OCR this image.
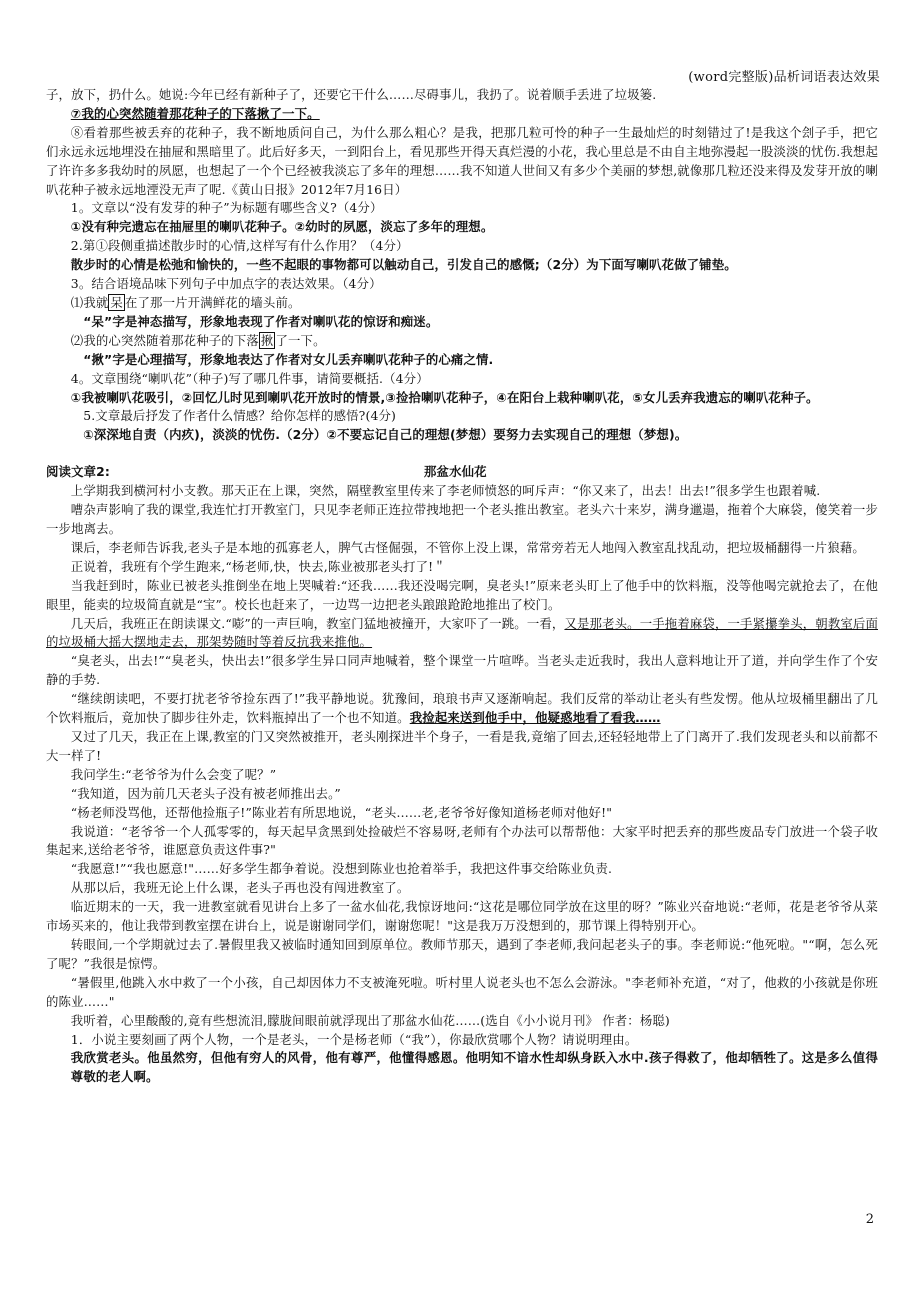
(word完整版)品析词语表达效果

子，放下，扔什么。她说:今年已经有新种子了，还要它干什么……尽碍事儿，我扔了。说着顺手丢进了垃圾篓.

⑦我的心突然随着那花种子的下落揪了一下。

⑧看着那些被丢弃的花种子，我不断地质问自己，为什么那么粗心？是我，把那几粒可怜的种子一生最灿烂的时刻错过了!是我这个刽子手，把它们永远永远地埋没在抽屉和黑暗里了。此后好多天，一到阳台上，看见那些开得天真烂漫的小花，我心里总是不由自主地弥漫起一股淡淡的忧伤.我想起了许许多多我幼时的夙愿，也想起了一个个已经被我淡忘了多年的理想……我不知道人世间又有多少个美丽的梦想,就像那几粒还没来得及发芽开放的喇叭花种子被永远地湮没无声了呢.《黄山日报》2012年7月16日）

1。文章以“没有发芽的种子”为标题有哪些含义?（4分）

①没有种完遗忘在抽屉里的喇叭花种子。②幼时的夙愿，淡忘了多年的理想。

2.第①段侧重描述散步时的心情,这样写有什么作用？（4分）

散步时的心情是松弛和愉快的，一些不起眼的事物都可以触动自己，引发自己的感慨;（2分）为下面写喇叭花做了铺垫。

3。结合语境品味下列句子中加点字的表达效果。（4分）

⑴我就 呆 在了那一片开满鲜花的墙头前。

“呆”字是神态描写，形象地表现了作者对喇叭花的惊讶和痴迷。

⑵我的心突然随着那花种子的下落 揪 了一下。

“揪”字是心理描写，形象地表达了作者对女儿丢弃喇叭花种子的心痛之情.

4。文章围绕“喇叭花”（种子)写了哪几件事，请简要概括.（4分）

①我被喇叭花吸引，②回忆儿时见到喇叭花开放时的情景,③捡拾喇叭花种子，④在阳台上栽种喇叭花，⑤女儿丢弃我遗忘的喇叭花种子。

5.文章最后抒发了作者什么情感？给你怎样的感悟?(4分)

①深深地自责（内疚)，淡淡的忧伤.（2分）②不要忘记自己的理想(梦想）要努力去实现自己的理想（梦想)。

阅读文章2:	那盆水仙花

上学期我到横河村小支教。那天正在上课，突然，隔壁教室里传来了李老师愤怒的呵斥声：“你又来了，出去！出去!”很多学生也跟着喊.

嘈杂声影响了我的课堂,我连忙打开教室门，只见李老师正连拉带拽地把一个老头推出教室。老头六十来岁，满身邋遢，拖着个大麻袋，傻笑着一步一步地离去。

课后，李老师告诉我,老头子是本地的孤寡老人，脾气古怪倔强，不管你上没上课，常常旁若无人地闯入教室乱找乱动，把垃圾桶翻得一片狼藉。

正说着，我班有个学生跑来,“杨老师,快，快去,陈业被那老头打了!＂

当我赶到时，陈业已被老头推倒坐在地上哭喊着:“还我……我还没喝完啊，臭老头!”原来老头盯上了他手中的饮料瓶，没等他喝完就抢去了，在他眼里，能卖的垃圾简直就是“宝”。校长也赶来了，一边骂一边把老头踉踉跄跄地推出了校门。

几天后，我班正在朗读课文.“嘭”的一声巨响，教室门猛地被撞开，大家吓了一跳。一看，又是那老头。一手拖着麻袋，一手紧攥拳头，朝教室后面的垃圾桶大摇大摆地走去，那架势随时等着反抗我来推他。

“臭老头，出去!”“臭老头，快出去!”很多学生异口同声地喊着，整个课堂一片喧哗。当老头走近我时，我出人意料地让开了道，并向学生作了个安静的手势.

“继续朗读吧，不要打扰老爷爷捡东西了!”我平静地说。犹豫间，琅琅书声又逐渐响起。我们反常的举动让老头有些发愣。他从垃圾桶里翻出了几个饮料瓶后，竟加快了脚步往外走，饮料瓶掉出了一个也不知道。我捡起来送到他手中，他疑惑地看了看我……

又过了几天，我正在上课,教室的门又突然被推开，老头刚探进半个身子，一看是我,竟缩了回去,还轻轻地带上了门离开了.我们发现老头和以前都不大一样了!

我问学生:“老爷爷为什么会变了呢？”

“我知道，因为前几天老头子没有被老师推出去。”

“杨老师没骂他，还帮他捡瓶子!”陈业若有所思地说，“老头……老,老爷爷好像知道杨老师对他好!"

我说道：“老爷爷一个人孤零零的，每天起早贪黑到处捡破烂不容易呀,老师有个办法可以帮帮他：大家平时把丢弃的那些废品专门放进一个袋子收集起来,送给老爷爷，谁愿意负责这件事?"

“我愿意!”“我也愿意!"……好多学生都争着说。没想到陈业也抢着举手，我把这件事交给陈业负责.

从那以后，我班无论上什么课，老头子再也没有闯进教室了。

临近期末的一天，我一进教室就看见讲台上多了一盆水仙花,我惊讶地问:“这花是哪位同学放在这里的呀？”陈业兴奋地说:“老师，花是老爷爷从菜市场买来的，他让我带到教室摆在讲台上，说是谢谢同学们，谢谢您呢！"这是我万万没想到的，那节课上得特别开心。

转眼间,一个学期就过去了.暑假里我又被临时通知回到原单位。教师节那天，遇到了李老师,我问起老头子的事。李老师说:“他死啦。"“啊，怎么死了呢？”我很是惊愕。

“暑假里,他跳入水中救了一个小孩，自己却因体力不支被淹死啦。听村里人说老头也不怎么会游泳。"李老师补充道，“对了，他救的小孩就是你班的陈业……"

我听着，心里酸酸的,竟有些想流泪,朦胧间眼前就浮现出了那盆水仙花……(选自《小小说月刊》 作者：杨聪)

1．小说主要刻画了两个人物，一个是老头，一个是杨老师（“我”），你最欣赏哪个人物？请说明理由。

我欣赏老头。他虽然穷，但他有穷人的风骨，他有尊严，他懂得感恩。他明知不谙水性却纵身跃入水中.孩子得救了，他却牺牲了。这是多么值得尊敬的老人啊。

2
